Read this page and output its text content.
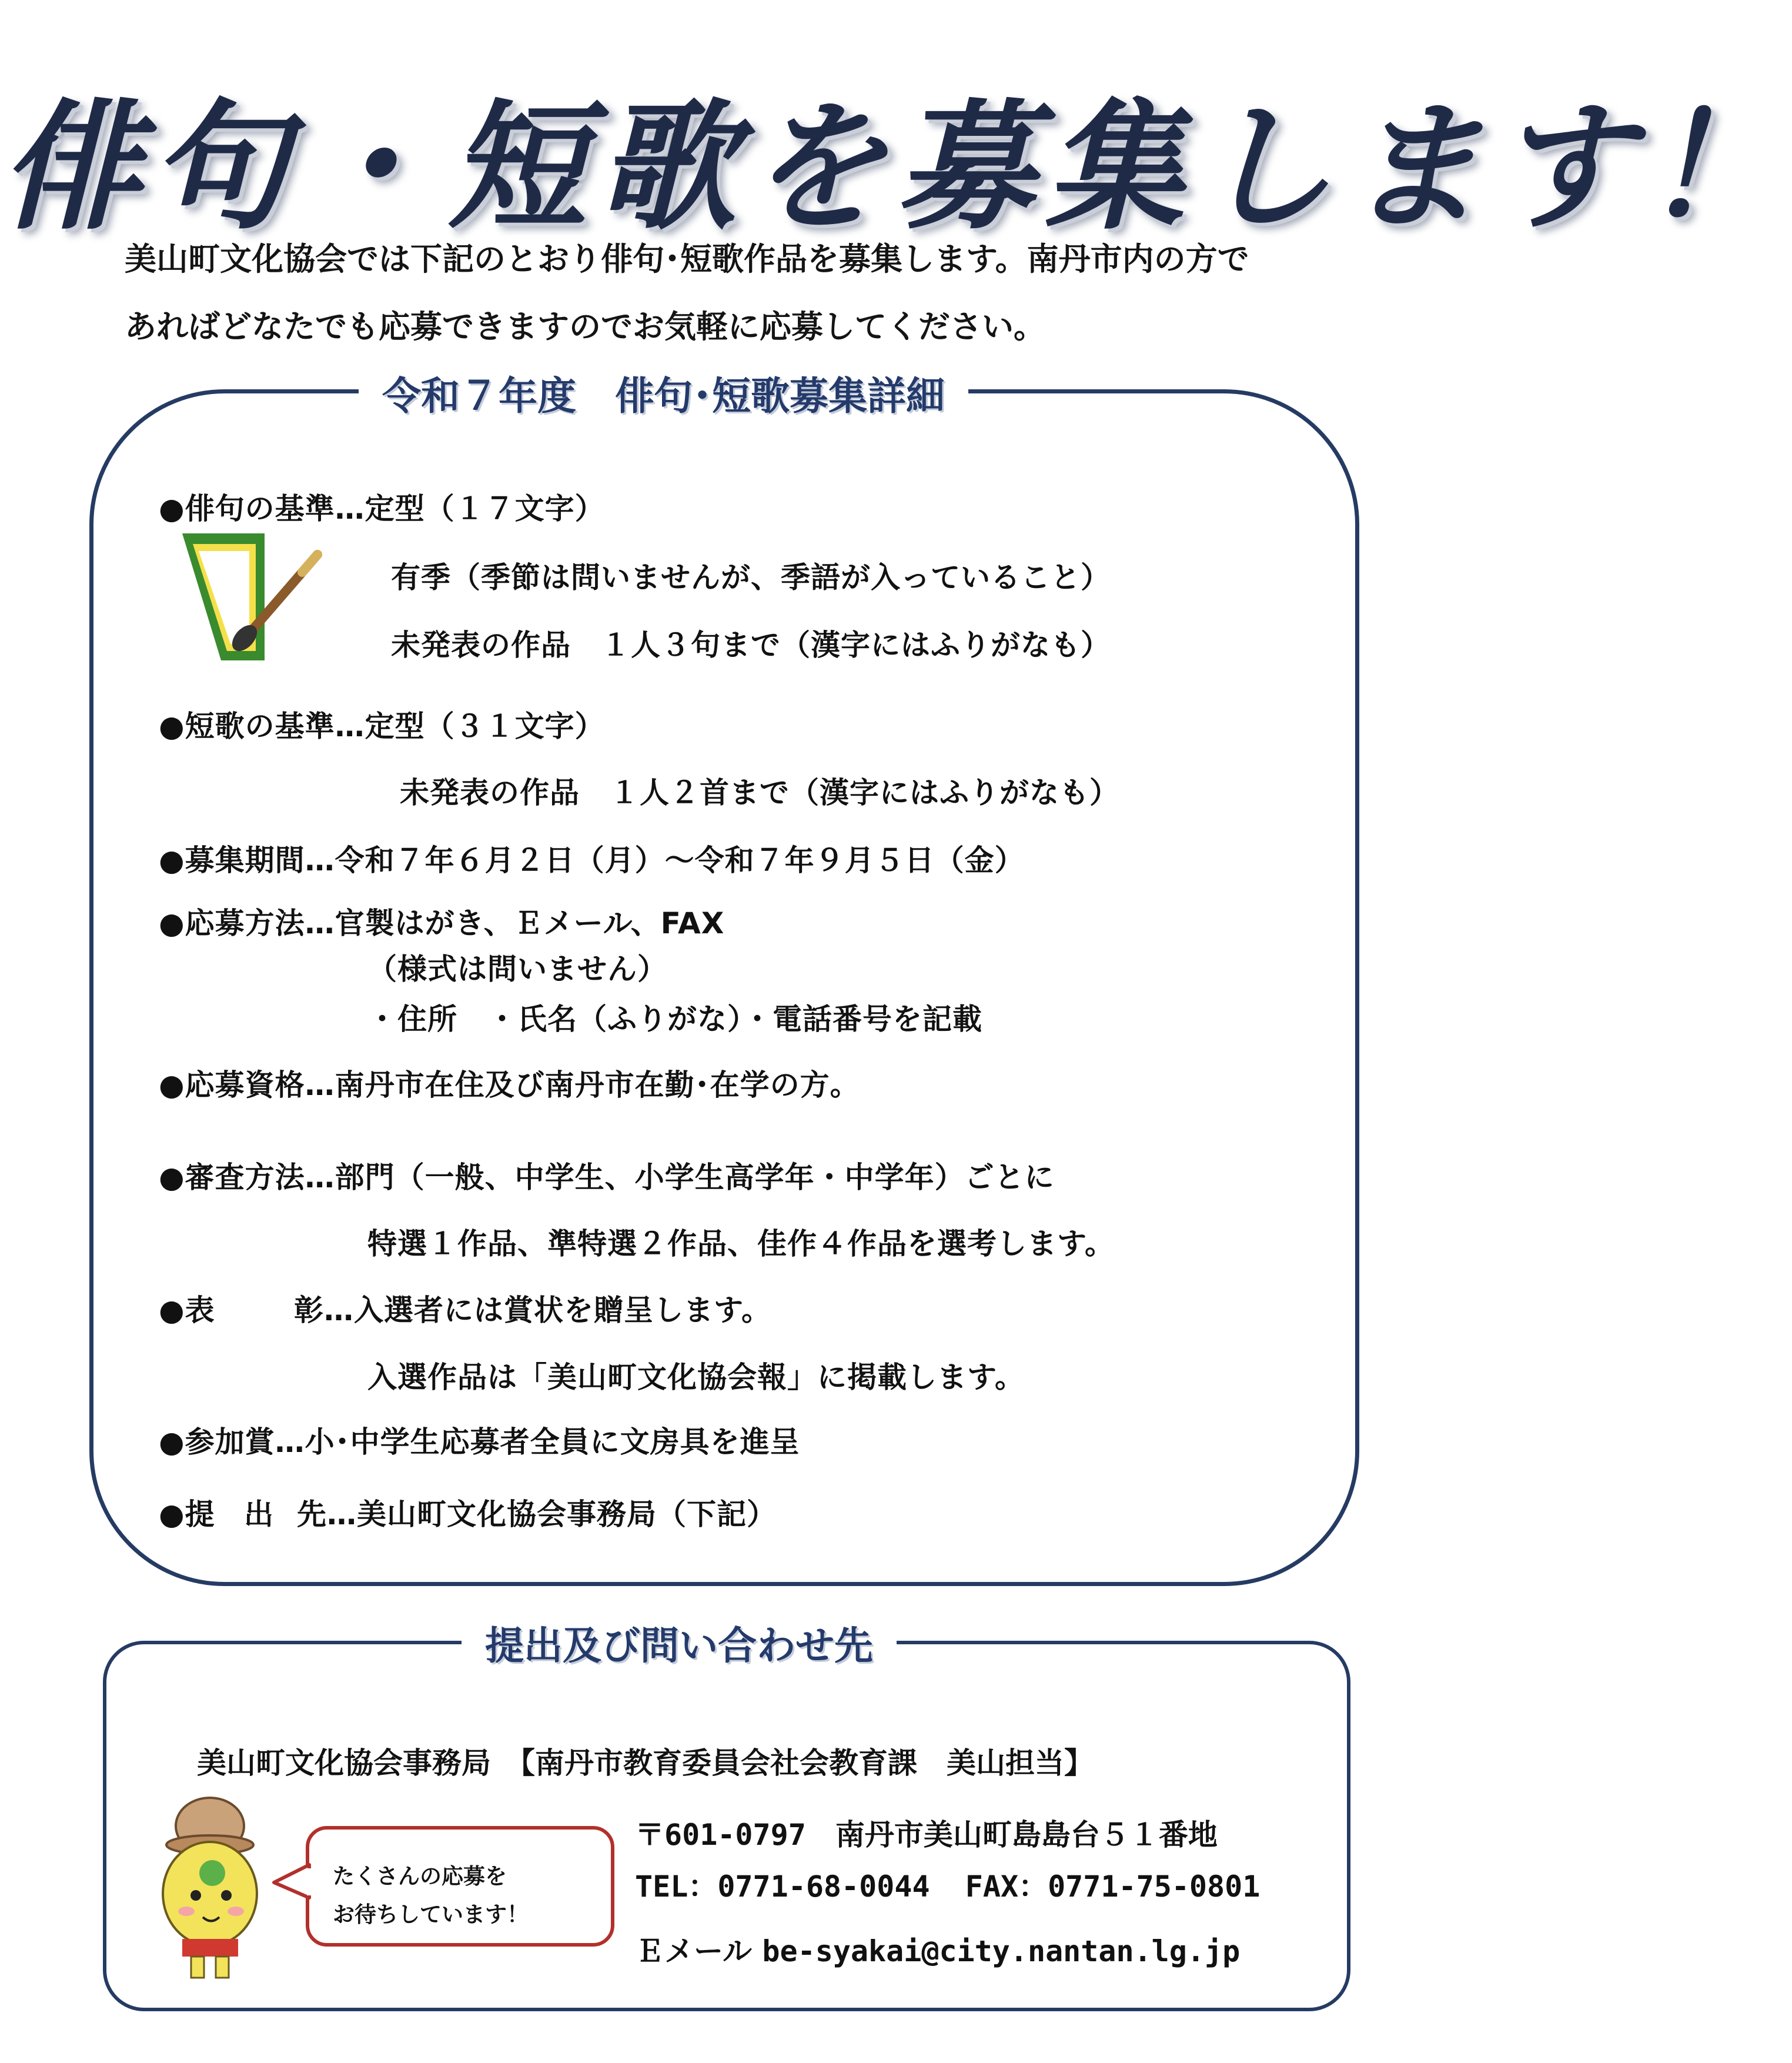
俳句・短歌を募集します！
美山町文化協会では下記のとおり俳句･短歌作品を募集します。南丹市内の方で
あればどなたでも応募できますのでお気軽に応募してください。
令和７年度　俳句･短歌募集詳細
●俳句の基準…定型（１７文字）
有季（季節は問いませんが、季語が入っていること）
未発表の作品　１人３句まで（漢字にはふりがなも）
●短歌の基準…定型（３１文字）
未発表の作品　１人２首まで（漢字にはふりがなも）
●募集期間…令和７年６月２日（月）～令和７年９月５日（金）
●応募方法…官製はがき、Ｅメール、FAX
（様式は問いません）
・住所　・氏名（ふりがな）・電話番号を記載
●応募資格…南丹市在住及び南丹市在勤･在学の方。
●審査方法…部門（一般、中学生、小学生高学年・中学年）ごとに
特選１作品、準特選２作品、佳作４作品を選考します。
●表	彰…入選者には賞状を贈呈します。
入選作品は「美山町文化協会報」に掲載します。
●参加賞…小･中学生応募者全員に文房具を進呈
●提 出 先…美山町文化協会事務局（下記）
提出及び問い合わせ先
美山町文化協会事務局　【南丹市教育委員会社会教育課　美山担当】
〒601-0797　南丹市美山町島島台５１番地
TEL：0771-68-0044 FAX：0771-75-0801
Ｅメール be-syakai@city.nantan.lg.jp
たくさんの応募を
お待ちしています！
